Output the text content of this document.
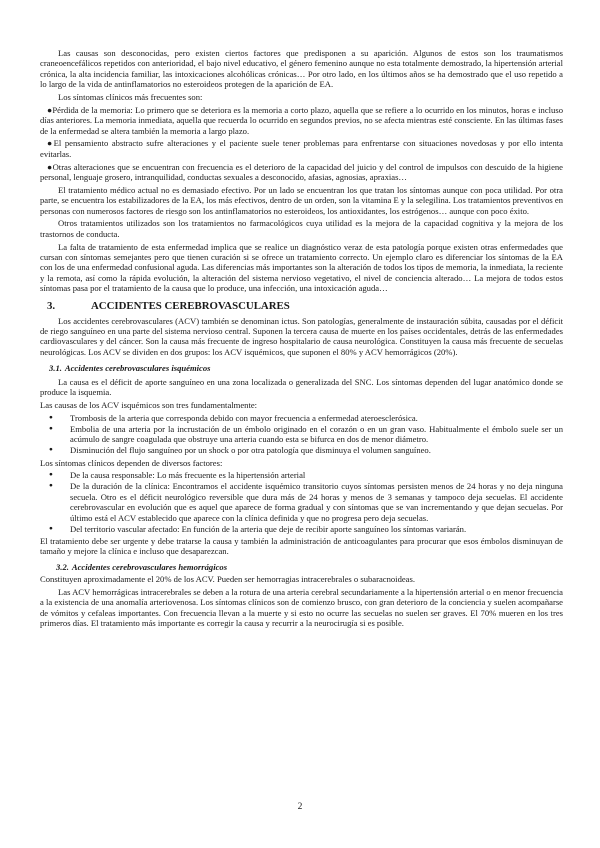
Las causas son desconocidas, pero existen ciertos factores que predisponen a su aparición. Algunos de estos son los traumatismos craneoencefálicos repetidos con anterioridad, el bajo nivel educativo, el género femenino aunque no esta totalmente demostrado, la hipertensión arterial crónica, la alta incidencia familiar, las intoxicaciones alcohólicas crónicas… Por otro lado, en los últimos años se ha demostrado que el uso repetido a lo largo de la vida de antinflamatorios no esteroideos protegen de la aparición de EA.

Los síntomas clínicos más frecuentes son:

●Pérdida de la memoria: Lo primero que se deteriora es la memoria a corto plazo, aquella que se refiere a lo ocurrido en los minutos, horas e incluso días anteriores. La memoria inmediata, aquella que recuerda lo ocurrido en segundos previos, no se afecta mientras esté consciente. En las últimas fases de la enfermedad se altera también la memoria a largo plazo.

●El pensamiento abstracto sufre alteraciones y el paciente suele tener problemas para enfrentarse con situaciones novedosas y por ello intenta evitarlas.

●Otras alteraciones que se encuentran con frecuencia es el deterioro de la capacidad del juicio y del control de impulsos con descuido de la higiene personal, lenguaje grosero, intranquilidad, conductas sexuales a desconocido, afasias, agnosias, apraxias…

El tratamiento médico actual no es demasiado efectivo. Por un lado se encuentran los que tratan los síntomas aunque con poca utilidad. Por otra parte, se encuentra los estabilizadores de la EA, los más efectivos, dentro de un orden, son la vitamina E y la selegilina. Los tratamientos preventivos en personas con numerosos factores de riesgo son los antinflamatorios no esteroideos, los antioxidantes, los estrógenos… aunque con poco éxito.

Otros tratamientos utilizados son los tratamientos no farmacológicos cuya utilidad es la mejora de la capacidad cognitiva y la mejora de los trastornos de conducta.

La falta de tratamiento de esta enfermedad implica que se realice un diagnóstico veraz de esta patología porque existen otras enfermedades que cursan con síntomas semejantes pero que tienen curación si se ofrece un tratamiento correcto. Un ejemplo claro es diferenciar los síntomas de la EA con los de una enfermedad confusional aguda. Las diferencias más importantes son la alteración de todos los tipos de memoria, la inmediata, la reciente y la remota, así como la rápida evolución, la alteración del sistema nervioso vegetativo, el nivel de conciencia alterado… La mejora de todos estos síntomas pasa por el tratamiento de la causa que lo produce, una infección, una intoxicación aguda…

3.	ACCIDENTES CEREBROVASCULARES

Los accidentes cerebrovasculares (ACV) también se denominan ictus. Son patologías, generalmente de instauración súbita, causadas por el déficit de riego sanguíneo en una parte del sistema nervioso central. Suponen la tercera causa de muerte en los países occidentales, detrás de las enfermedades cardiovasculares y del cáncer. Son la causa más frecuente de ingreso hospitalario de causa neurológica. Constituyen la causa más frecuente de secuelas neurológicas. Los ACV se dividen en dos grupos: los ACV isquémicos, que suponen el 80% y ACV hemorrágicos (20%).

3.1. Accidentes cerebrovasculares isquémicos

La causa es el déficit de aporte sanguíneo en una zona localizada o generalizada del SNC. Los síntomas dependen del lugar anatómico donde se produce la isquemia.

Las causas de los ACV isquémicos son tres fundamentalmente:

● Trombosis de la arteria que corresponda debido con mayor frecuencia a enfermedad ateroesclerósica.
● Embolia de una arteria por la incrustación de un émbolo originado en el corazón o en un gran vaso. Habitualmente el émbolo suele ser un acúmulo de sangre coagulada que obstruye una arteria cuando esta se bifurca en dos de menor diámetro.
● Disminución del flujo sanguíneo por un shock o por otra patología que disminuya el volumen sanguíneo.

Los síntomas clínicos dependen de diversos factores:

● De la causa responsable: Lo más frecuente es la hipertensión arterial
● De la duración de la clínica: Encontramos el accidente isquémico transitorio cuyos síntomas persisten menos de 24 horas y no deja ninguna secuela. Otro es el déficit neurológico reversible que dura más de 24 horas y menos de 3 semanas y tampoco deja secuelas. El accidente cerebrovascular en evolución que es aquel que aparece de forma gradual y con síntomas que se van incrementando y que dejan secuelas. Por último está el ACV establecido que aparece con la clínica definida y que no progresa pero deja secuelas.
● Del territorio vascular afectado: En función de la arteria que deje de recibir aporte sanguíneo los síntomas variarán.

El tratamiento debe ser urgente y debe tratarse la causa y también la administración de anticoagulantes para procurar que esos émbolos disminuyan de tamaño y mejore la clínica e incluso que desaparezcan.

3.2. Accidentes cerebrovasculares hemorrágicos

Constituyen aproximadamente el 20% de los ACV. Pueden ser hemorragias intracerebrales o subaracnoideas.

Las ACV hemorrágicas intracerebrales se deben a la rotura de una arteria cerebral secundariamente a la hipertensión arterial o en menor frecuencia a la existencia de una anomalía arteriovenosa. Los síntomas clínicos son de comienzo brusco, con gran deterioro de la conciencia y suelen acompañarse de vómitos y cefaleas importantes. Con frecuencia llevan a la muerte y si esto no ocurre las secuelas no suelen ser graves. El 70% mueren en los tres primeros días. El tratamiento más importante es corregir la causa y recurrir a la neurocirugía si es posible.

2
